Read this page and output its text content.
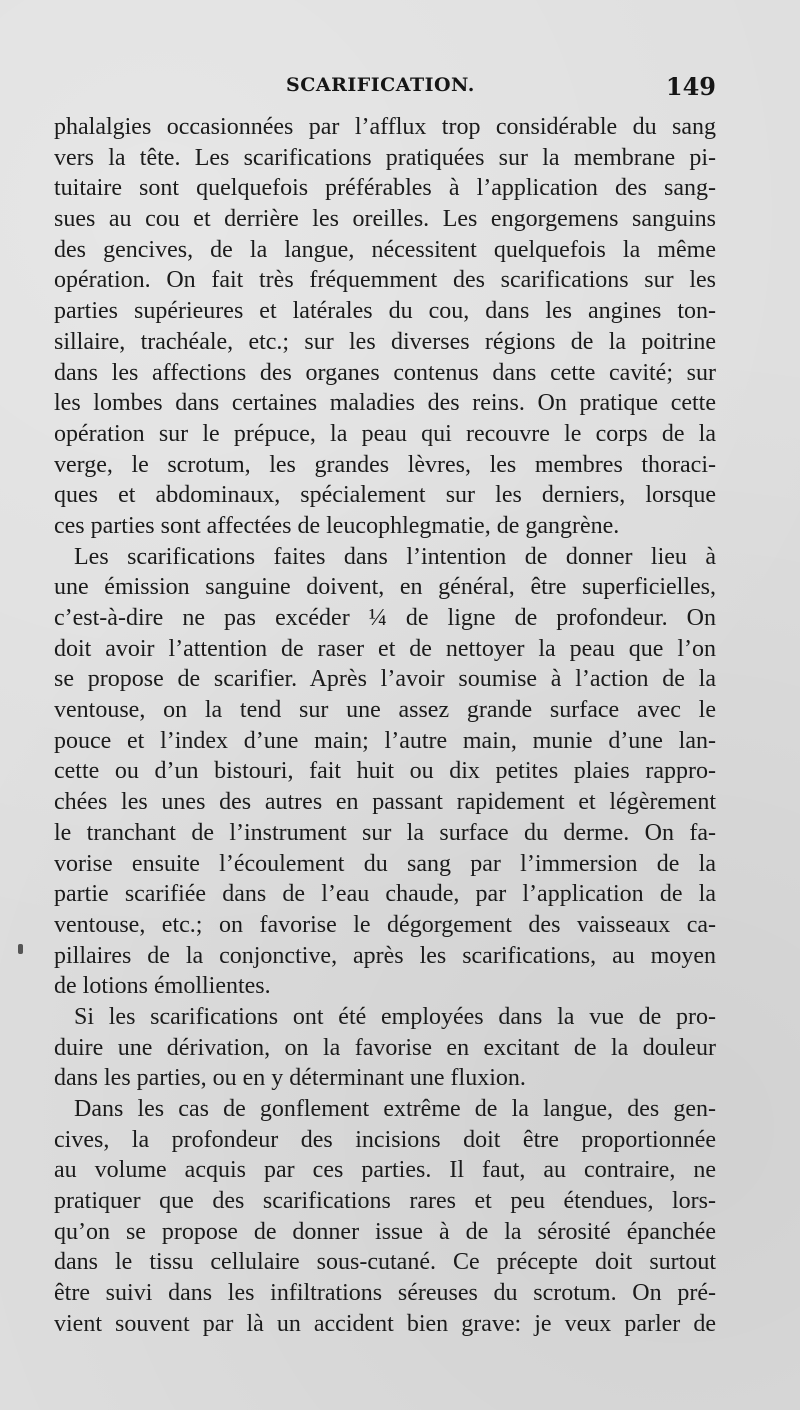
SCARIFICATION.	149
phalalgies occasionnées par l’afflux trop considérable du sang
vers la tête. Les scarifications pratiquées sur la membrane pi-
tuitaire sont quelquefois préférables à l’application des sang-
sues au cou et derrière les oreilles. Les engorgemens sanguins
des gencives, de la langue, nécessitent quelquefois la même
opération. On fait très fréquemment des scarifications sur les
parties supérieures et latérales du cou, dans les angines ton-
sillaire, trachéale, etc.; sur les diverses régions de la poitrine
dans les affections des organes contenus dans cette cavité; sur
les lombes dans certaines maladies des reins. On pratique cette
opération sur le prépuce, la peau qui recouvre le corps de la
verge, le scrotum, les grandes lèvres, les membres thoraci-
ques et abdominaux, spécialement sur les derniers, lorsque
ces parties sont affectées de leucophlegmatie, de gangrène.
Les scarifications faites dans l’intention de donner lieu à
une émission sanguine doivent, en général, être superficielles,
c’est-à-dire ne pas excéder ¼ de ligne de profondeur. On
doit avoir l’attention de raser et de nettoyer la peau que l’on
se propose de scarifier. Après l’avoir soumise à l’action de la
ventouse, on la tend sur une assez grande surface avec le
pouce et l’index d’une main; l’autre main, munie d’une lan-
cette ou d’un bistouri, fait huit ou dix petites plaies rappro-
chées les unes des autres en passant rapidement et légèrement
le tranchant de l’instrument sur la surface du derme. On fa-
vorise ensuite l’écoulement du sang par l’immersion de la
partie scarifiée dans de l’eau chaude, par l’application de la
ventouse, etc.; on favorise le dégorgement des vaisseaux ca-
pillaires de la conjonctive, après les scarifications, au moyen
de lotions émollientes.
Si les scarifications ont été employées dans la vue de pro-
duire une dérivation, on la favorise en excitant de la douleur
dans les parties, ou en y déterminant une fluxion.
Dans les cas de gonflement extrême de la langue, des gen-
cives, la profondeur des incisions doit être proportionnée
au volume acquis par ces parties. Il faut, au contraire, ne
pratiquer que des scarifications rares et peu étendues, lors-
qu’on se propose de donner issue à de la sérosité épanchée
dans le tissu cellulaire sous-cutané. Ce précepte doit surtout
être suivi dans les infiltrations séreuses du scrotum. On pré-
vient souvent par là un accident bien grave: je veux parler de
